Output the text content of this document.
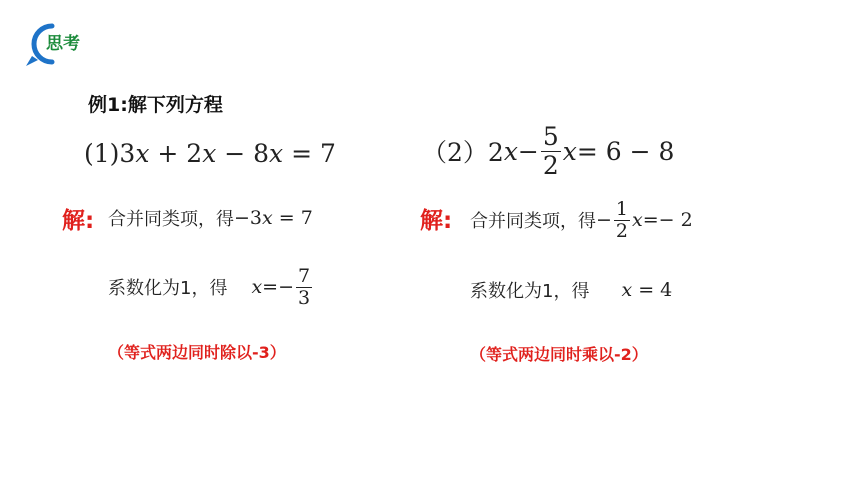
思考
例1:解下列方程
(1)3x + 2x − 8x = 7	（2）2 $x - \frac{5}{2}$ x = 6 − 8
解: 合并同类项，得 −3x = 7
系数化为1，得 $x =- \frac{7}{3}$
（等式两边同时除以-3）
解: 合并同类项，得 − $\frac{1}{2}$ x =− 2
系数化为1，得 x = 4
（等式两边同时乘以-2）
